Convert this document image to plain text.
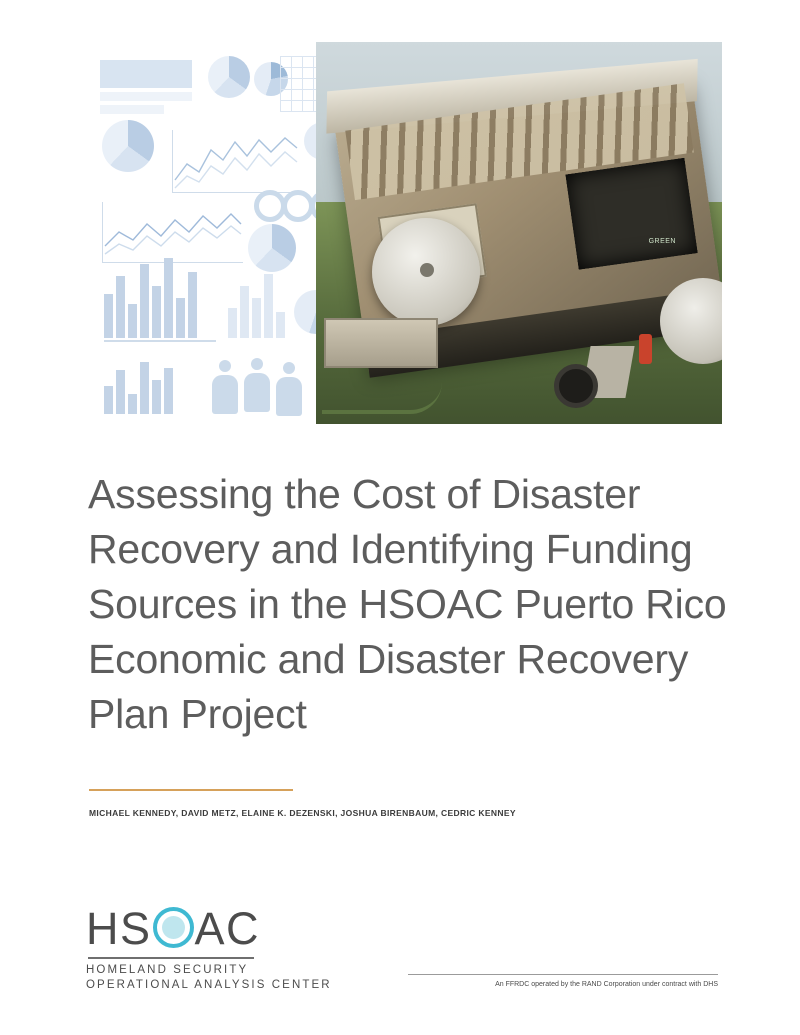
GREEN
Assessing the Cost of Disaster Recovery and Identifying Funding Sources in the HSOAC Puerto Rico Economic and Disaster Recovery Plan Project
MICHAEL KENNEDY, DAVID METZ, ELAINE K. DEZENSKI, JOSHUA BIRENBAUM, CEDRIC KENNEY
HS AC
HOMELAND SECURITY
OPERATIONAL ANALYSIS CENTER	An FFRDC operated by the RAND Corporation under contract with DHS
